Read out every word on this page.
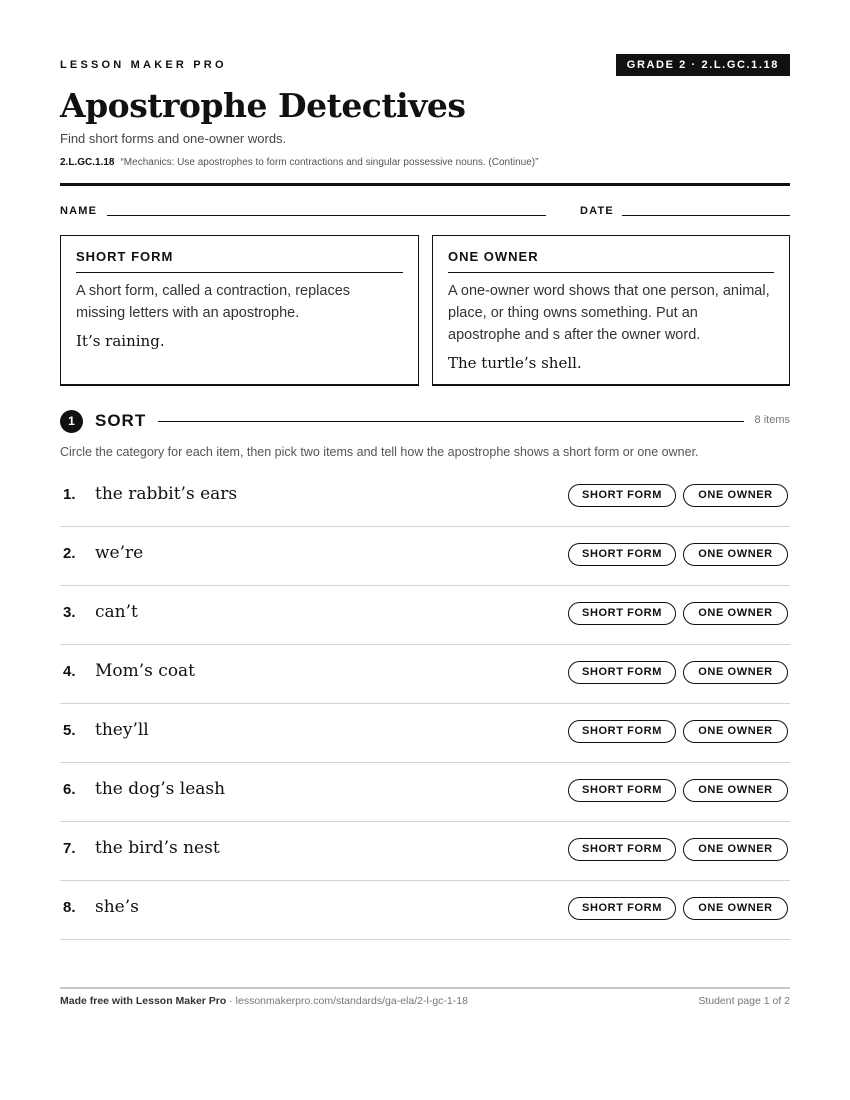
LESSON MAKER PRO	GRADE 2 · 2.L.GC.1.18
Apostrophe Detectives
Find short forms and one-owner words.
2.L.GC.1.18 “Mechanics: Use apostrophes to form contractions and singular possessive nouns. (Continue)”
NAME	DATE
SHORT FORM
A short form, called a contraction, replaces missing letters with an apostrophe.
It’s raining.
ONE OWNER
A one-owner word shows that one person, animal, place, or thing owns something. Put an apostrophe and s after the owner word.
The turtle’s shell.
1	SORT	8 items
Circle the category for each item, then pick two items and tell how the apostrophe shows a short form or one owner.
1. the rabbit’s ears	SHORT FORM	ONE OWNER
2. we’re	SHORT FORM	ONE OWNER
3. can’t	SHORT FORM	ONE OWNER
4. Mom’s coat	SHORT FORM	ONE OWNER
5. they’ll	SHORT FORM	ONE OWNER
6. the dog’s leash	SHORT FORM	ONE OWNER
7. the bird’s nest	SHORT FORM	ONE OWNER
8. she’s	SHORT FORM	ONE OWNER
Made free with Lesson Maker Pro · lessonmakerpro.com/standards/ga-ela/2-l-gc-1-18	Student page 1 of 2
